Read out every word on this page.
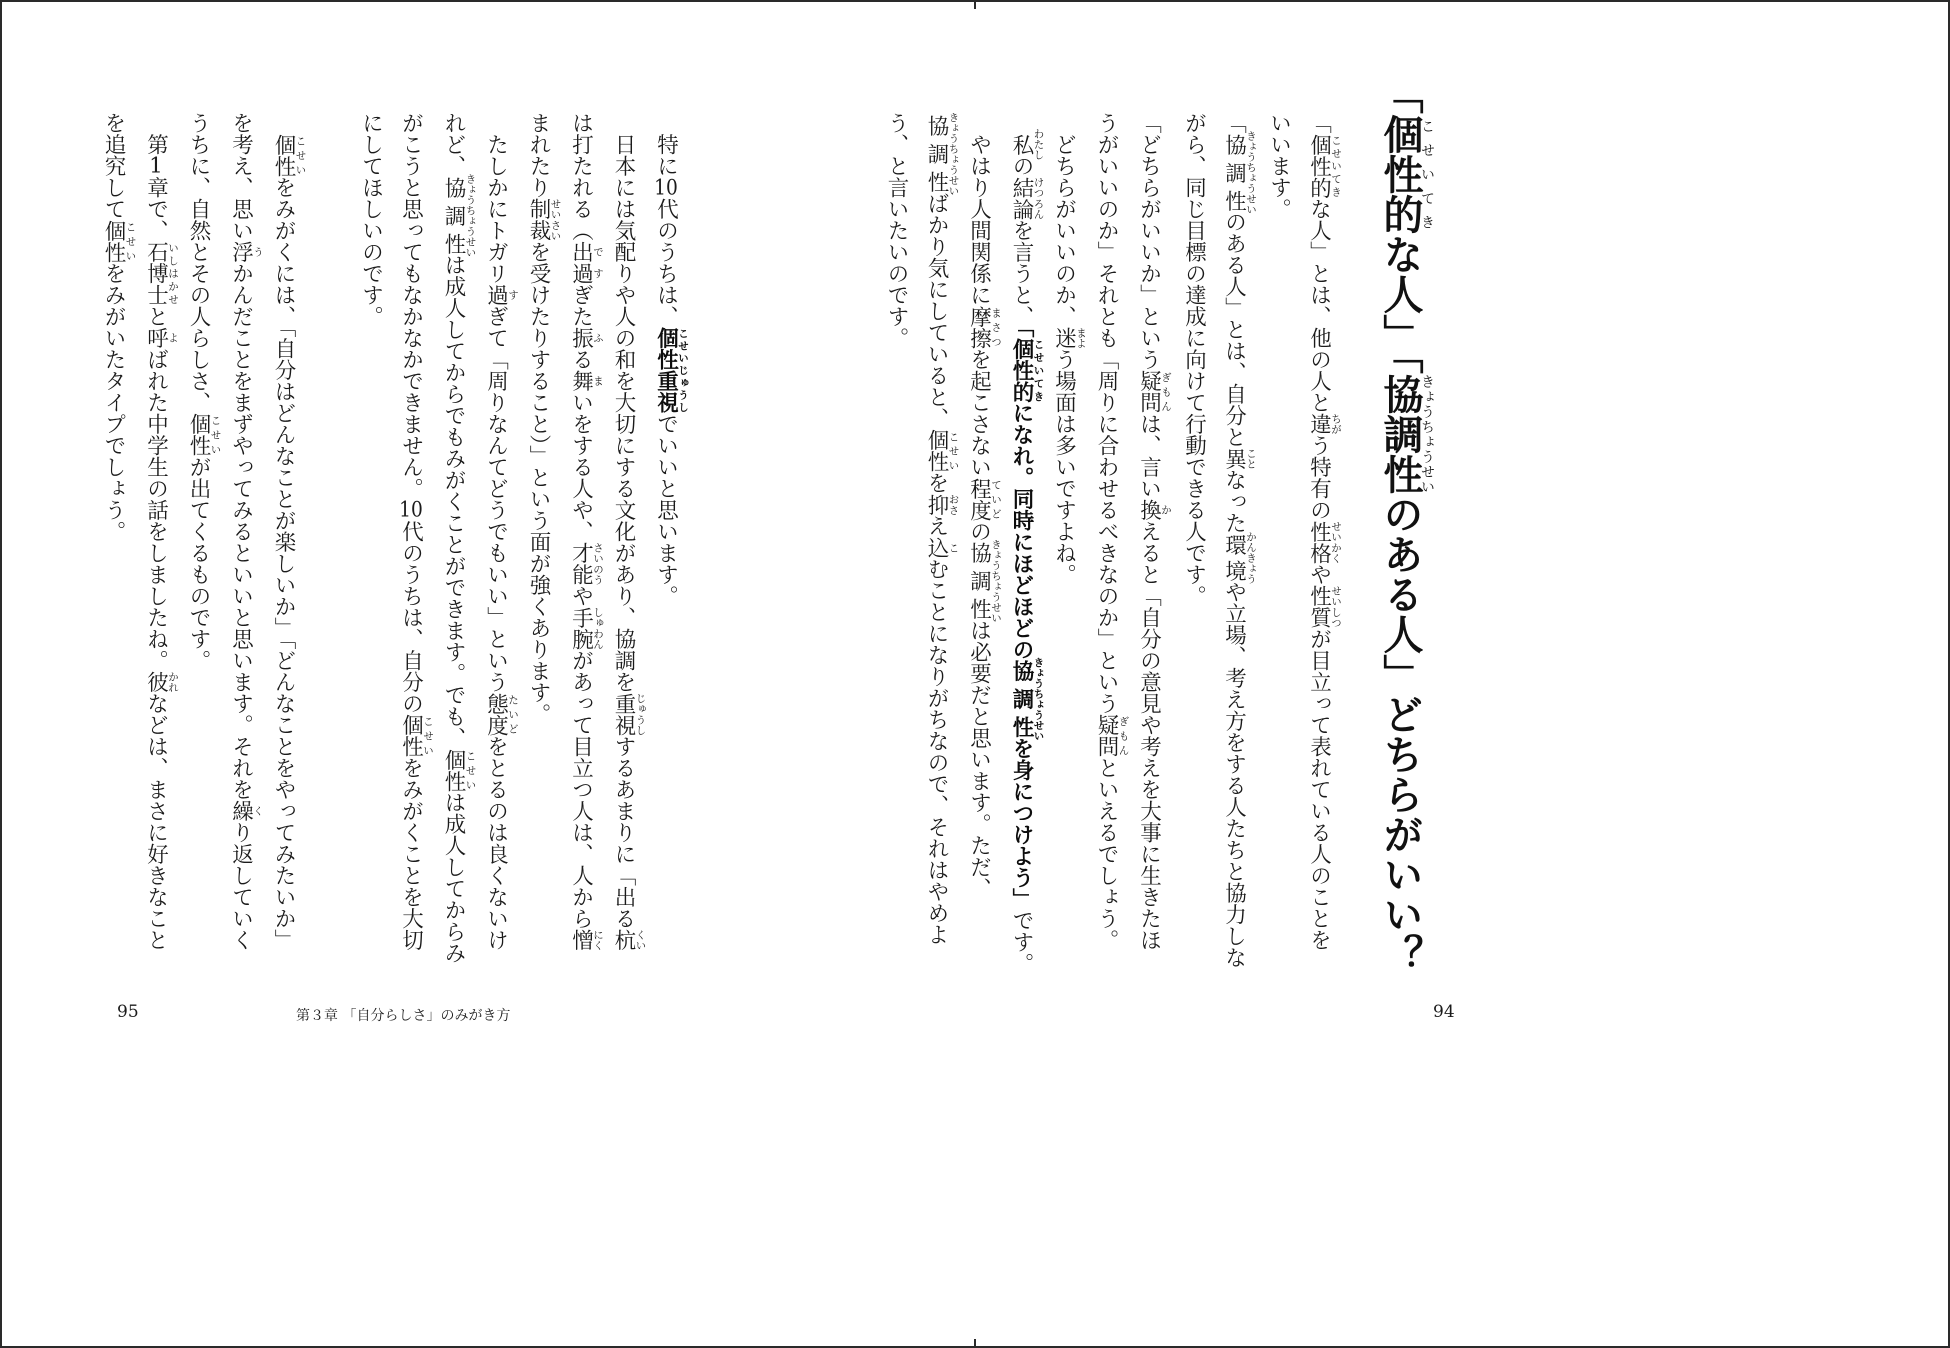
「個性的こせいてきな人」「協調性きょうちょうせいのある人」どちらがいい？
「個性的こせいてきな人」とは、他の人と違ちがう特有の性格せいかくや性質せいしつが目立って表れている人のことを
いいます。
「協調性きょうちょうせいのある人」とは、自分と異ことなった環境かんきょうや立場、考え方をする人たちと協力しな
がら、同じ目標の達成に向けて行動できる人です。
「どちらがいいか」という疑問ぎもんは、言い換かえると「自分の意見や考えを大事に生きたほ
うがいいのか」それとも「周りに合わせるべきなのか」という疑問ぎもんといえるでしょう。
　どちらがいいのか、迷まよう場面は多いですよね。
　私わたしの結論けつろんを言うと、「個性的こせいてきになれ。同時にほどほどの協調性きょうちょうせいを身につけよう」です。
　やはり人間関係に摩擦まさつを起こさない程度ていどの協調性きょうちょうせいは必要だと思います。ただ、
協調性きょうちょうせいばかり気にしていると、個性こせいを抑おさえ込こむことになりがちなので、それはやめよ
う、と言いたいのです。
94
　特に10代のうちは、個性重視こせいじゅうしでいいと思います。
　日本には気配りや人の和を大切にする文化があり、協調を重視じゅうしするあまりに「出る杭くい
は打たれる（出過ですぎた振ふる舞まいをする人や、才能さいのうや手腕しゅわんがあって目立つ人は、人から憎にく
まれたり制裁せいさいを受けたりすること）」という面が強くあります。
　たしかにトガリ過すぎて「周りなんてどうでもいい」という態度たいどをとるのは良くないけ
れど、協調性きょうちょうせいは成人してからでもみがくことができます。でも、個性こせいは成人してからみ
がこうと思ってもなかなかできません。10代のうちは、自分の個性こせいをみがくことを大切
にしてほしいのです。
　個性こせいをみがくには、「自分はどんなことが楽しいか」「どんなことをやってみたいか」
を考え、思い浮うかんだことをまずやってみるといいと思います。それを繰くり返していく
うちに、自然とその人らしさ、個性こせいが出てくるものです。
　第1章で、石博士いしはかせと呼よばれた中学生の話をしましたね。彼かれなどは、まさに好きなこと
を追究して個性こせいをみがいたタイプでしょう。
95	第３章 「自分らしさ」のみがき方
